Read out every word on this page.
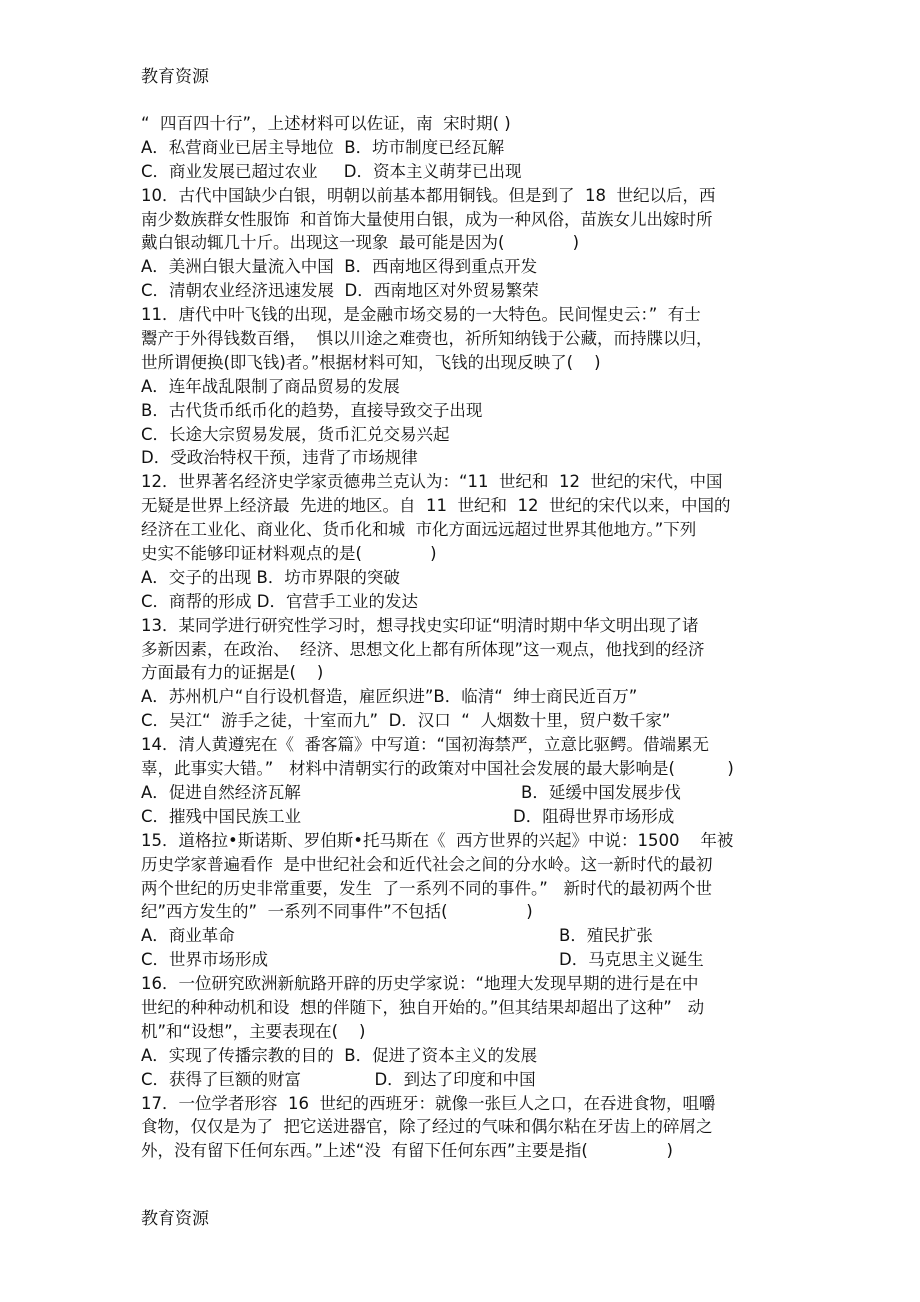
教育资源
“  四百四十行”，上述材料可以佐证，南  宋时期( )
A．私营商业已居主导地位  B．坊市制度已经瓦解
C．商业发展已超过农业     D．资本主义萌芽已出现
10．古代中国缺少白银，明朝以前基本都用铜钱。但是到了  18  世纪以后，西
南少数族群女性服饰  和首饰大量使用白银，成为一种风俗，苗族女儿出嫁时所
戴白银动辄几十斤。出现这一现象  最可能是因为(             )
A．美洲白银大量流入中国  B．西南地区得到重点开发
C．清朝农业经济迅速发展  D．西南地区对外贸易繁荣
11．唐代中叶飞钱的出现，是金融市场交易的一大特色。民间惺史云：”  有士
鬻产于外得钱数百缗，  惧以川途之难赍也，祈所知纳钱于公藏，而持牒以归，
世所谓便换(即飞钱)者。”根据材料可知，飞钱的出现反映了(    )
A．连年战乱限制了商品贸易的发展
B．古代货币纸币化的趋势，直接导致交子出现
C．长途大宗贸易发展，货币汇兑交易兴起
D．受政治特权干预，违背了市场规律
12．世界著名经济史学家贡德弗兰克认为：“11  世纪和  12  世纪的宋代，中国
无疑是世界上经济最  先进的地区。自  11  世纪和  12  世纪的宋代以来，中国的
经济在工业化、商业化、货币化和城  市化方面远远超过世界其他地方。”下列
史实不能够印证材料观点的是(             )
A．交子的出现 B．坊市界限的突破
C．商帮的形成 D．官营手工业的发达
13．某同学进行研究性学习时，想寻找史实印证“明清时期中华文明出现了诸
多新因素，在政治、  经济、思想文化上都有所体现”这一观点，他找到的经济
方面最有力的证据是(    )
A．苏州机户“自行设机督造，雇匠织进”B．临清“  绅士商民近百万”
C．吴江“  游手之徒，十室而九”  D．汉口  “  人烟数十里，贸户数千家”
14．清人黄遵宪在《  番客篇》中写道：“国初海禁严，立意比驱鳄。借端累无
辜，此事实大错。”   材料中清朝实行的政策对中国社会发展的最大影响是(          )
A．促进自然经济瓦解	B．延缓中国发展步伐
C．摧残中国民族工业	D．阻碍世界市场形成
15．道格拉•斯诺斯、罗伯斯•托马斯在《  西方世界的兴起》中说：1500    年被
历史学家普遍看作  是中世纪社会和近代社会之间的分水岭。这一新时代的最初
两个世纪的历史非常重要，发生  了一系列不同的事件。”   新时代的最初两个世
纪”西方发生的”  一系列不同事件”不包括(               )
A．商业革命	B．殖民扩张
C．世界市场形成	D．马克思主义诞生
16．一位研究欧洲新航路开辟的历史学家说：“地理大发现早期的进行是在中
世纪的种种动机和设  想的伴随下，独自开始的。”但其结果却超出了这种”   动
机”和“设想”，主要表现在(    )
A．实现了传播宗教的目的  B．促进了资本主义的发展
C．获得了巨额的财富              D．到达了印度和中国
17．一位学者形容  16  世纪的西班牙：就像一张巨人之口，在吞进食物，咀嚼
食物，仅仅是为了  把它送进器官，除了经过的气味和偶尔粘在牙齿上的碎屑之
外，没有留下任何东西。”上述“没  有留下任何东西”主要是指(               )
教育资源
